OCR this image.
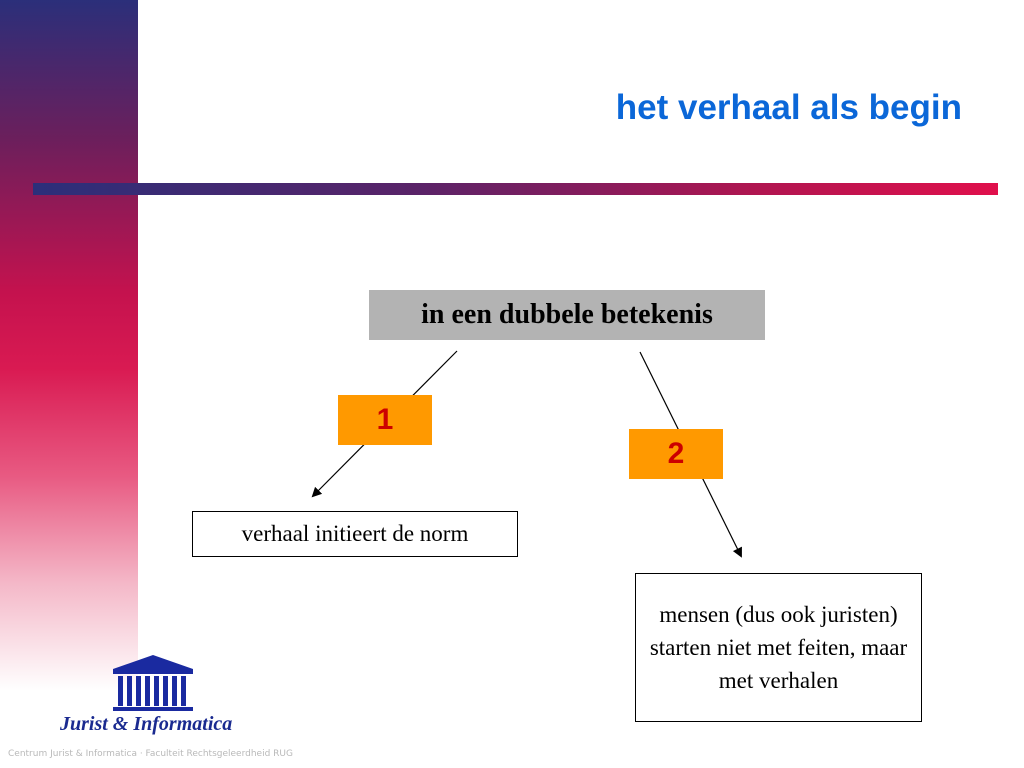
het verhaal als begin
in een dubbele betekenis
1
2
verhaal initieert de norm
mensen (dus ook juristen) starten niet met feiten, maar met verhalen
Jurist & Informatica
Centrum Jurist & Informatica · Faculteit Rechtsgeleerdheid RUG
